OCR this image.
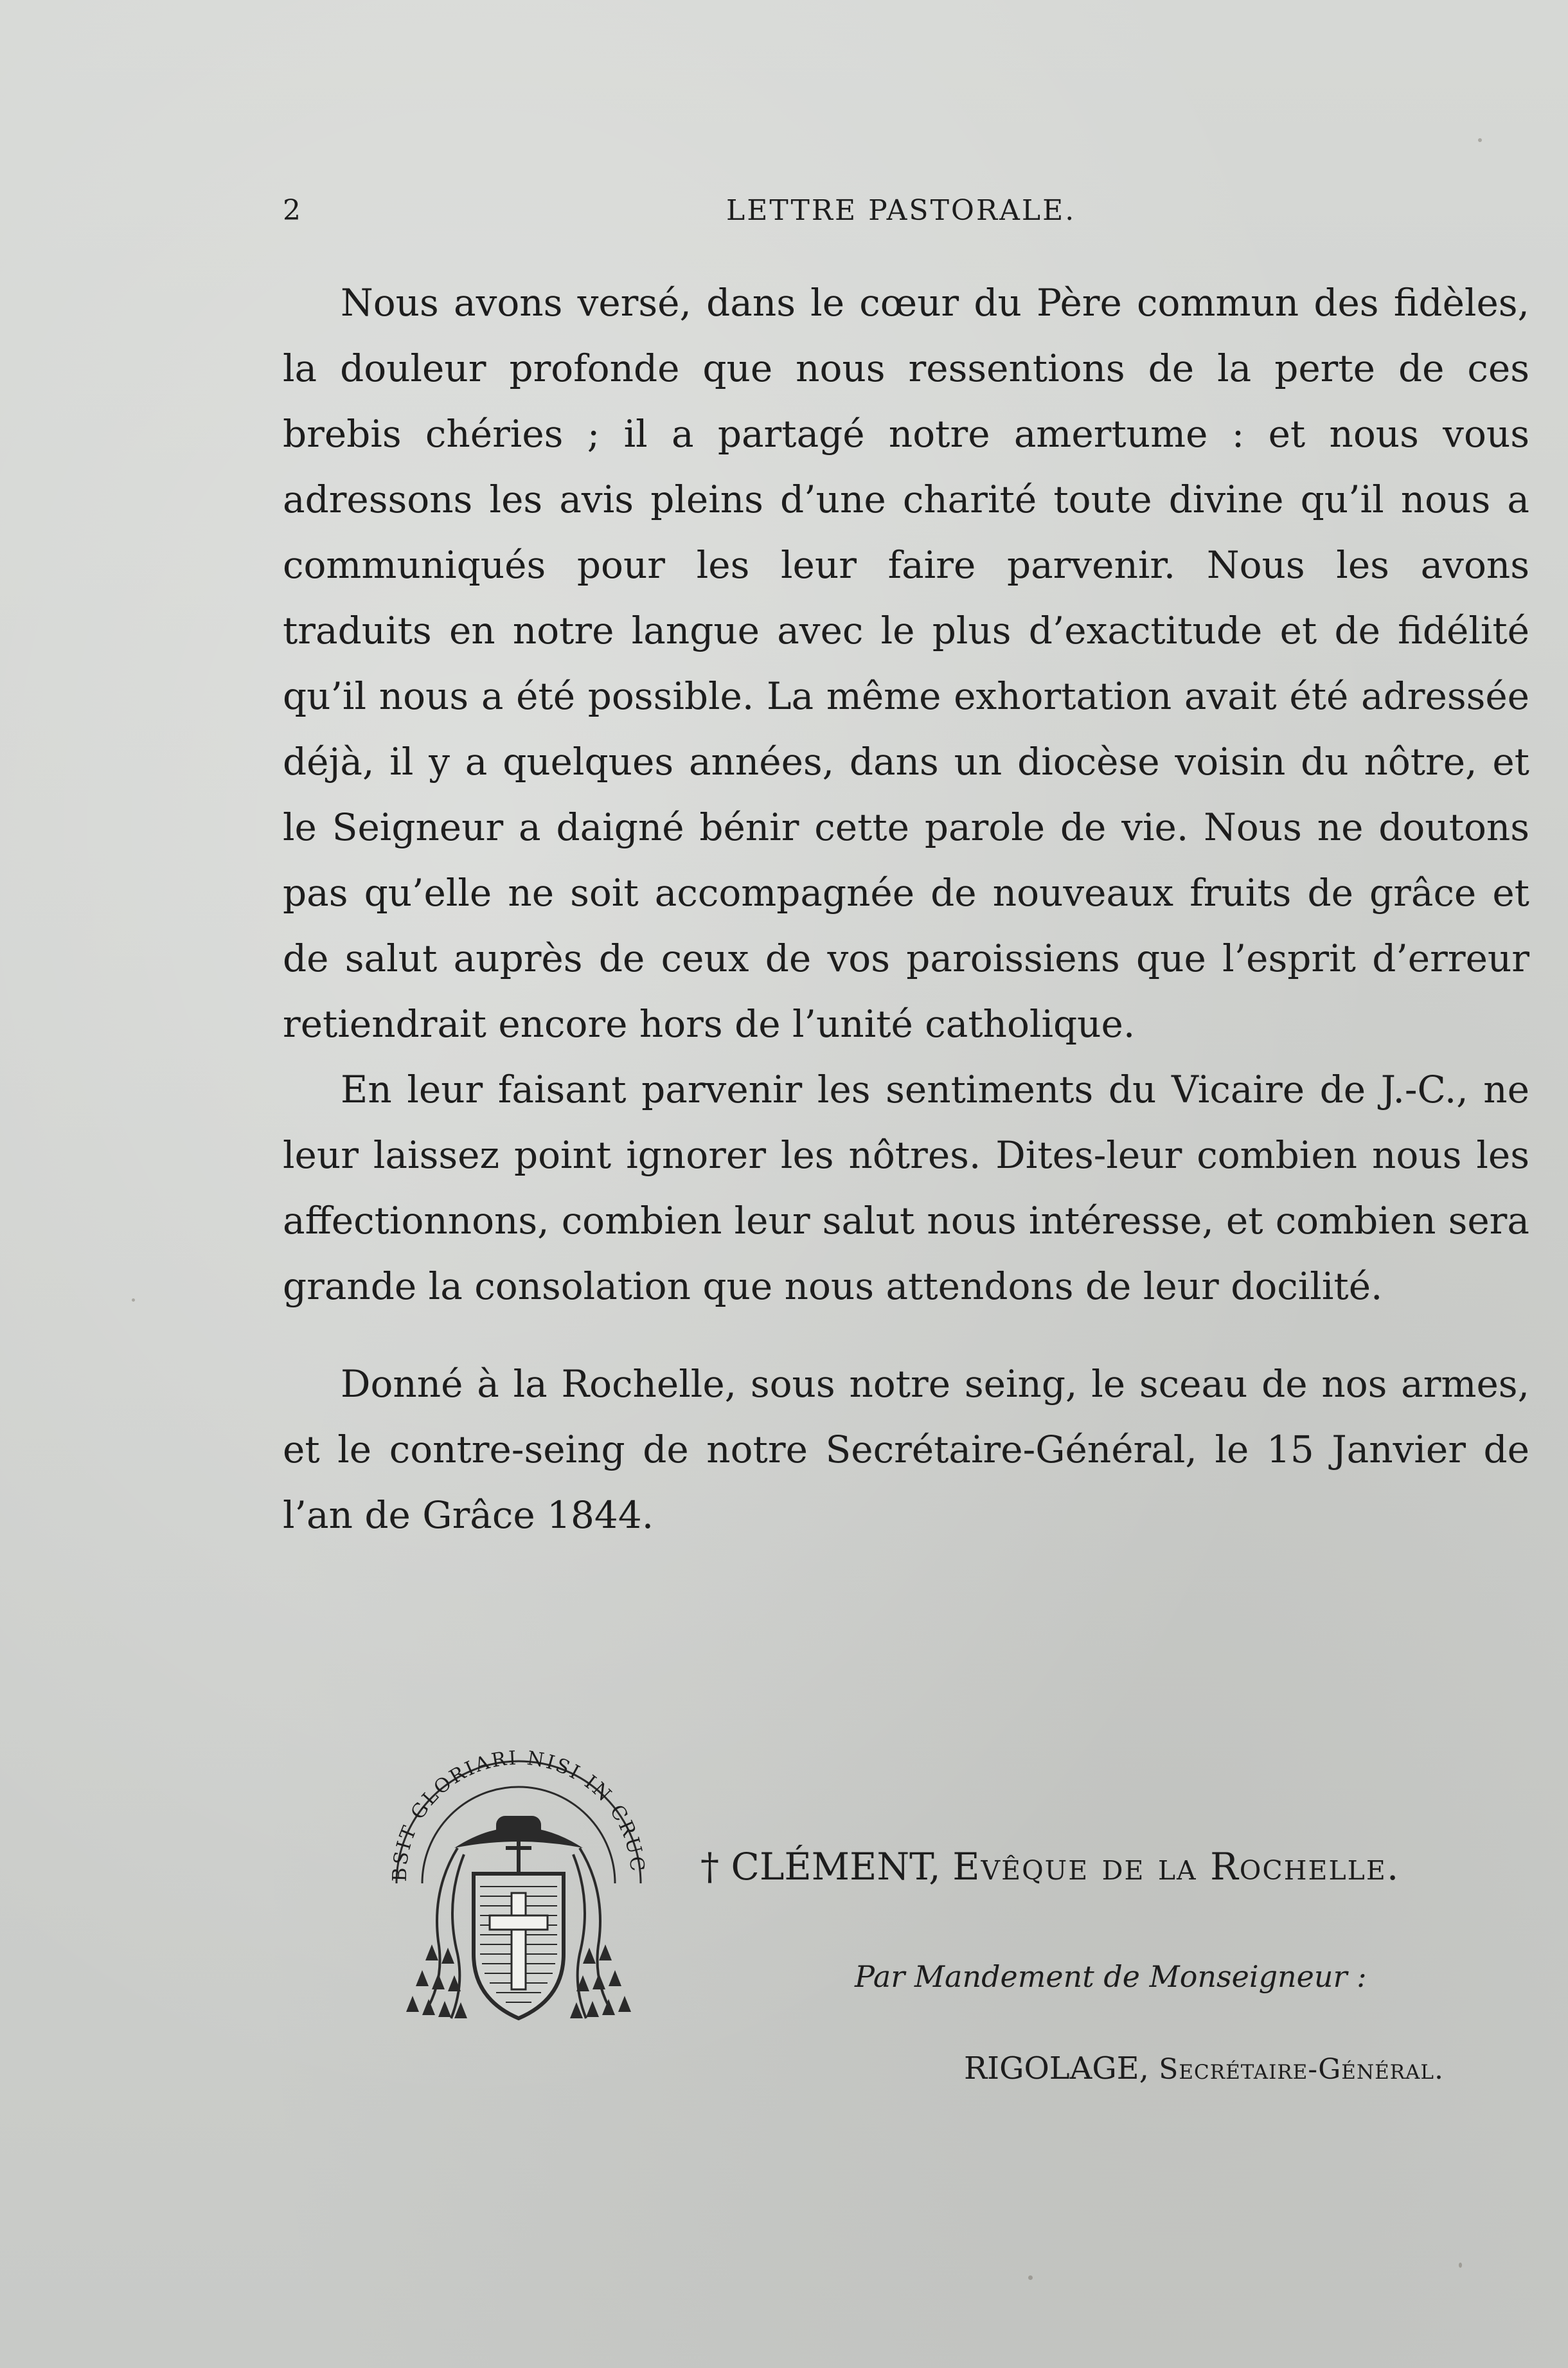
2	LETTRE PASTORALE.

Nous avons versé, dans le cœur du Père commun des fidèles, la douleur profonde que nous ressentions de la perte de ces brebis chéries ; il a partagé notre amertume : et nous vous adressons les avis pleins d’une charité toute divine qu’il nous a communiqués pour les leur faire parvenir. Nous les avons traduits en notre langue avec le plus d’exactitude et de fidélité qu’il nous a été possible. La même exhortation avait été adressée déjà, il y a quelques années, dans un diocèse voisin du nôtre, et le Seigneur a daigné bénir cette parole de vie. Nous ne doutons pas qu’elle ne soit accompagnée de nouveaux fruits de grâce et de salut auprès de ceux de vos paroissiens que l’esprit d’erreur retiendrait encore hors de l’unité catholique.

En leur faisant parvenir les sentiments du Vicaire de J.-C., ne leur laissez point ignorer les nôtres. Dites-leur combien nous les affectionnons, combien leur salut nous intéresse, et combien sera grande la consolation que nous attendons de leur docilité.

Donné à la Rochelle, sous notre seing, le sceau de nos armes, et le contre-seing de notre Secrétaire-Général, le 15 Janvier de l’an de Grâce 1844.

BSIT GLORIARI NISI IN CRUC † CLÉMENT, Evêque de la Rochelle.
Par Mandement de Monseigneur :
RIGOLAGE, Secrétaire-Général.
